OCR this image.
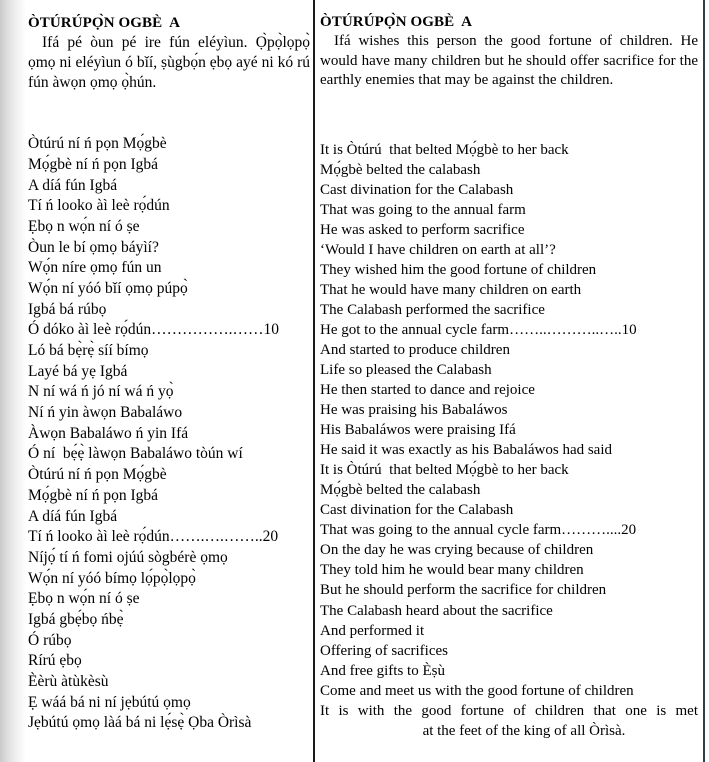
ÒTÚRÚPỌ̀N OGBÈ  A

Ifá pé òun pé ire fún eléyìun. Ọ̀pọ̀lọpọ̀ ọmọ ni eléyìun ó bǐí, ṣùgbọ́n ẹbọ ayé ni kó rú fún àwọn ọmọ ọ̀hún.

Òtúrú ní ń pọn Mọ́gbè
Mọ́gbè ní ń pọn Igbá
A díá fún Igbá
Tí ń looko àì leè rọ́dún
Ẹbọ n wọ́n ní ó ṣe
Òun le bí ọmọ báyìí?
Wọ́n níre ọmọ fún un
Wọ́n ní yóó bǐí ọmọ púpọ̀
Igbá bá rúbọ
Ó dóko àì leè rọ́dún…………….……10
Ló bá bẹ̀rẹ̀ síí bímọ
Layé bá yẹ Igbá
N ní wá ń jó ní wá ń yọ̀
Ní ń yin àwọn Babaláwo
Àwọn Babaláwo ń yin Ifá
Ó ní  bẹ́ẹ̀ làwọn Babaláwo tòún wí
Òtúrú ní ń pọn Mọ́gbè
Mọ́gbè ní ń pọn Igbá
A díá fún Igbá
Tí ń looko àì leè rọ́dún…….….……..20
Níjọ́ tí ń fomi ojúú sògbérè ọmọ
Wọ́n ní yóó bímọ lọ́pọ̀lọpọ̀
Ẹbọ n wọ́n ní ó ṣe
Igbá gbẹ́bọ ńbẹ̀
Ó rúbọ
Rírú ẹbọ
Èèrù àtùkèsù
Ẹ wáá bá ni ní jẹbútú ọmọ
Jẹbútú ọmọ làá bá ni lẹ́sẹ̀ Ọba Òrìsà
ÒTÚRÚPỌ̀N OGBÈ  A

Ifá wishes this person the good fortune of children. He would have many children but he should offer sacrifice for the earthly enemies that may be against the children.

It is Òtúrú  that belted Mọ́gbè to her back
Mọ́gbè belted the calabash
Cast divination for the Calabash
That was going to the annual farm
He was asked to perform sacrifice
‘Would I have children on earth at all’?
They wished him the good fortune of children
That he would have many children on earth
The Calabash performed the sacrifice
He got to the annual cycle farm……..………..…..10
And started to produce children
Life so pleased the Calabash
He then started to dance and rejoice
He was praising his Babaláwos
His Babaláwos were praising Ifá
He said it was exactly as his Babaláwos had said
It is Òtúrú  that belted Mọ́gbè to her back
Mọ́gbè belted the calabash
Cast divination for the Calabash
That was going to the annual cycle farm………....20
On the day he was crying because of children
They told him he would bear many children
But he should perform the sacrifice for children
The Calabash heard about the sacrifice
And performed it
Offering of sacrifices
And free gifts to Èṣù
Come and meet us with the good fortune of children
It is with the good fortune of children that one is met
at the feet of the king of all Òrìsà.
